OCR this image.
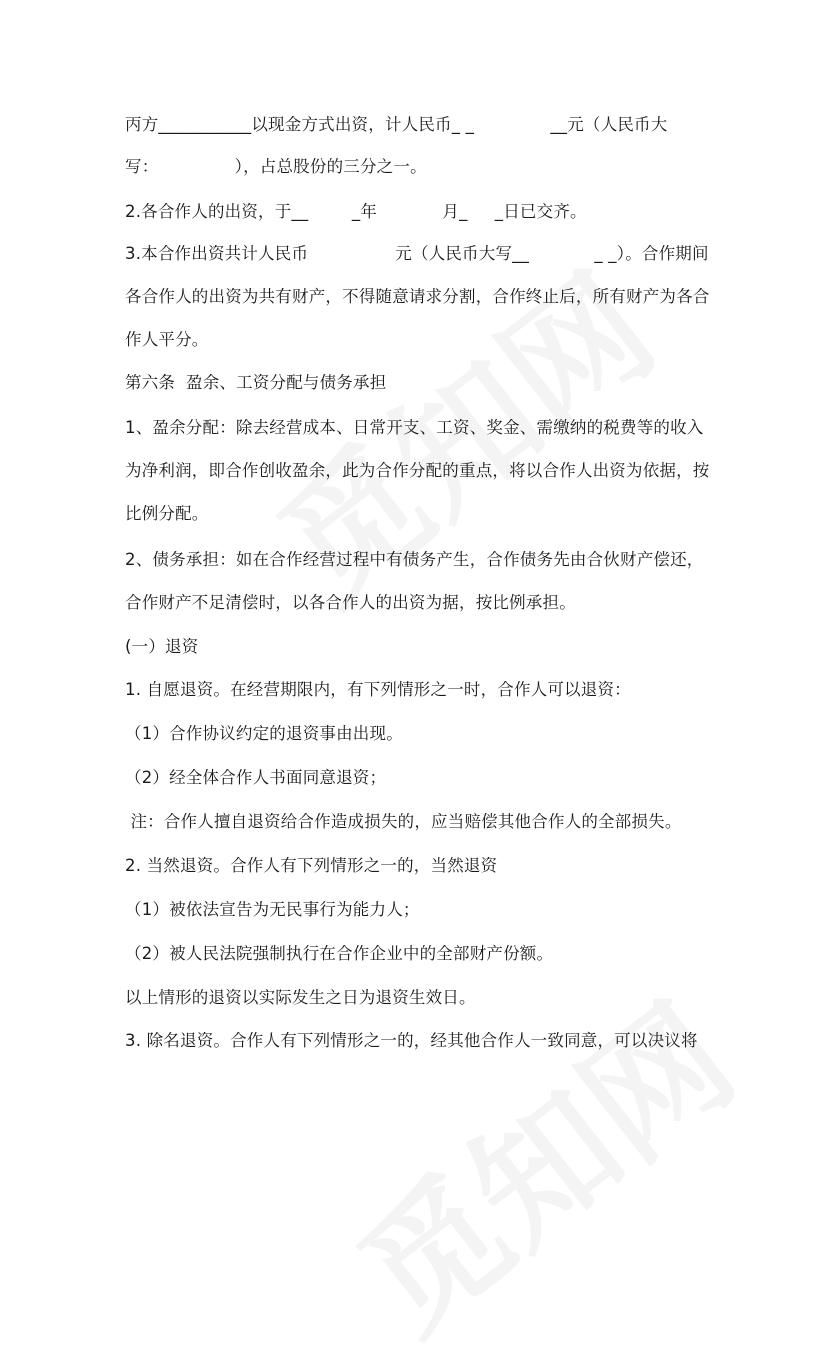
丙方___________以现金方式出资，计人民币_ _              __元（人民币大
写：              ），占总股份的三分之一。
2.各合作人的出资，于__        _年            月_     _日已交齐。
3.本合作出资共计人民币                元（人民币大写__            _ _）。合作期间
各合作人的出资为共有财产，不得随意请求分割，合作终止后，所有财产为各合
作人平分。
第六条  盈余、工资分配与债务承担
1、盈余分配：除去经营成本、日常开支、工资、奖金、需缴纳的税费等的收入
为净利润，即合作创收盈余，此为合作分配的重点，将以合作人出资为依据，按
比例分配。
2、债务承担：如在合作经营过程中有债务产生，合作债务先由合伙财产偿还，
合作财产不足清偿时，以各合作人的出资为据，按比例承担。
(一）退资
1. 自愿退资。在经营期限内，有下列情形之一时，合作人可以退资：
（1）合作协议约定的退资事由出现。
（2）经全体合作人书面同意退资；
注：合作人擅自退资给合作造成损失的，应当赔偿其他合作人的全部损失。
2. 当然退资。合作人有下列情形之一的，当然退资
（1）被依法宣告为无民事行为能力人；
（2）被人民法院强制执行在合作企业中的全部财产份额。
以上情形的退资以实际发生之日为退资生效日。
3. 除名退资。合作人有下列情形之一的，经其他合作人一致同意，可以决议将
